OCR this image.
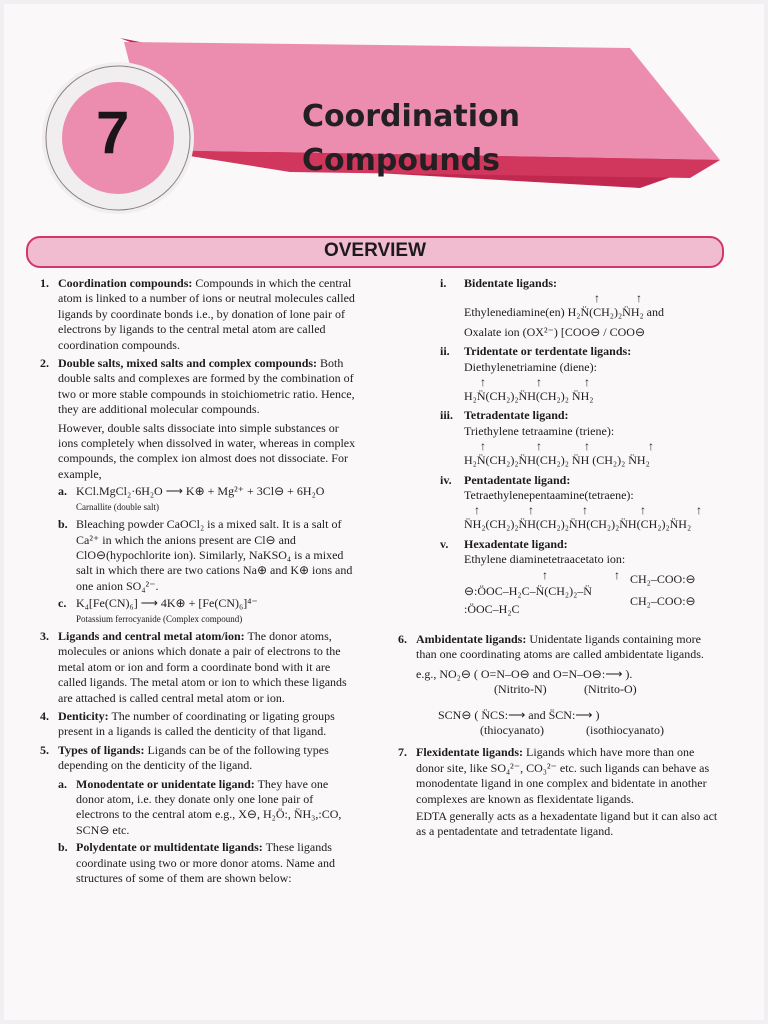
7	Coordination
Compounds
OVERVIEW
1. Coordination compounds: Compounds in which the central atom is linked to a number of ions or neutral molecules called ligands by coordinate bonds i.e., by donation of lone pair of electrons by ligands to the central metal atom are called coordination compounds.
2. Double salts, mixed salts and complex compounds: Both double salts and complexes are formed by the combination of two or more stable compounds in stoichiometric ratio. Hence, they are additional molecular compounds.
However, double salts dissociate into simple substances or ions completely when dissolved in water, whereas in complex compounds, the complex ion almost does not dissociate. For example,
a. KCl.MgCl₂·6H₂O ⟶ K⊕ + Mg²⁺ + 3Cl⊖ + 6H₂O
Carnallite (double salt)
b. Bleaching powder CaOCl₂ is a mixed salt. It is a salt of Ca²⁺ in which the anions present are Cl⊖ and ClO⊖(hypochlorite ion). Similarly, NaKSO₄ is a mixed salt in which there are two cations Na⊕ and K⊕ ions and one anion SO₄²⁻.
c. K₄[Fe(CN)₆] ⟶ 4K⊕ + [Fe(CN)₆]⁴⁻
Potassium ferrocyanide (Complex compound)
3. Ligands and central metal atom/ion: The donor atoms, molecules or anions which donate a pair of electrons to the metal atom or ion and form a coordinate bond with it are called ligands. The metal atom or ion to which these ligands are attached is called central metal atom or ion.
4. Denticity: The number of coordinating or ligating groups present in a ligands is called the denticity of that ligand.
5. Types of ligands: Ligands can be of the following types depending on the denticity of the ligand.
a. Monodentate or unidentate ligand: They have one donor atom, i.e. they donate only one lone pair of electrons to the central atom e.g., X⊖, H₂Ö:, N̈H₃,:CO, SCN⊖ etc.
b. Polydentate or multidentate ligands: These ligands coordinate using two or more donor atoms. Name and structures of some of them are shown below:
i. Bidentate ligands:
↑	↑
Ethylenediamine(en) H₂N̈(CH₂)₂N̈H₂ and
Oxalate ion (OX²⁻) [COO⊖ / COO⊖
ii. Tridentate or terdentate ligands:
Diethylenetriamine (diene):
↑	↑	↑
H₂N̈(CH₂)₂N̈H(CH₂)₂ N̈H₂
iii. Tetradentate ligand:
Triethylene tetraamine (triene):
↑	↑	↑	↑
H₂N̈(CH₂)₂N̈H(CH₂)₂ N̈H (CH₂)₂ N̈H₂
iv. Pentadentate ligand:
Tetraethylenepentaamine(tetraene):
↑	↑	↑	↑	↑
N̈H₂(CH₂)₂N̈H(CH₂)₂N̈H(CH₂)₂N̈H(CH₂)₂N̈H₂
v. Hexadentate ligand:
Ethylene diaminetetraacetato ion:
↑	↑
⊖:ÖOC–H₂C–N̈(CH₂)₂–N̈
CH₂–COO:⊖
:ÖOC–H₂C
CH₂–COO:⊖
6. Ambidentate ligands: Unidentate ligands containing more than one coordinating atoms are called ambidentate ligands.
e.g., NO₂⊖ ( O=N–O⊖ and O=N–O⊖:⟶ ).
(Nitrito-N)	(Nitrito-O)
SCN⊖ ( N̈CS:⟶ and S̈CN:⟶ )
(thiocyanato)	(isothiocyanato)
7. Flexidentate ligands: Ligands which have more than one donor site, like SO₄²⁻, CO₃²⁻ etc. such ligands can behave as monodentate ligand in one complex and bidentate in another complexes are known as flexidentate ligands.
EDTA generally acts as a hexadentate ligand but it can also act as a pentadentate and tetradentate ligand.
